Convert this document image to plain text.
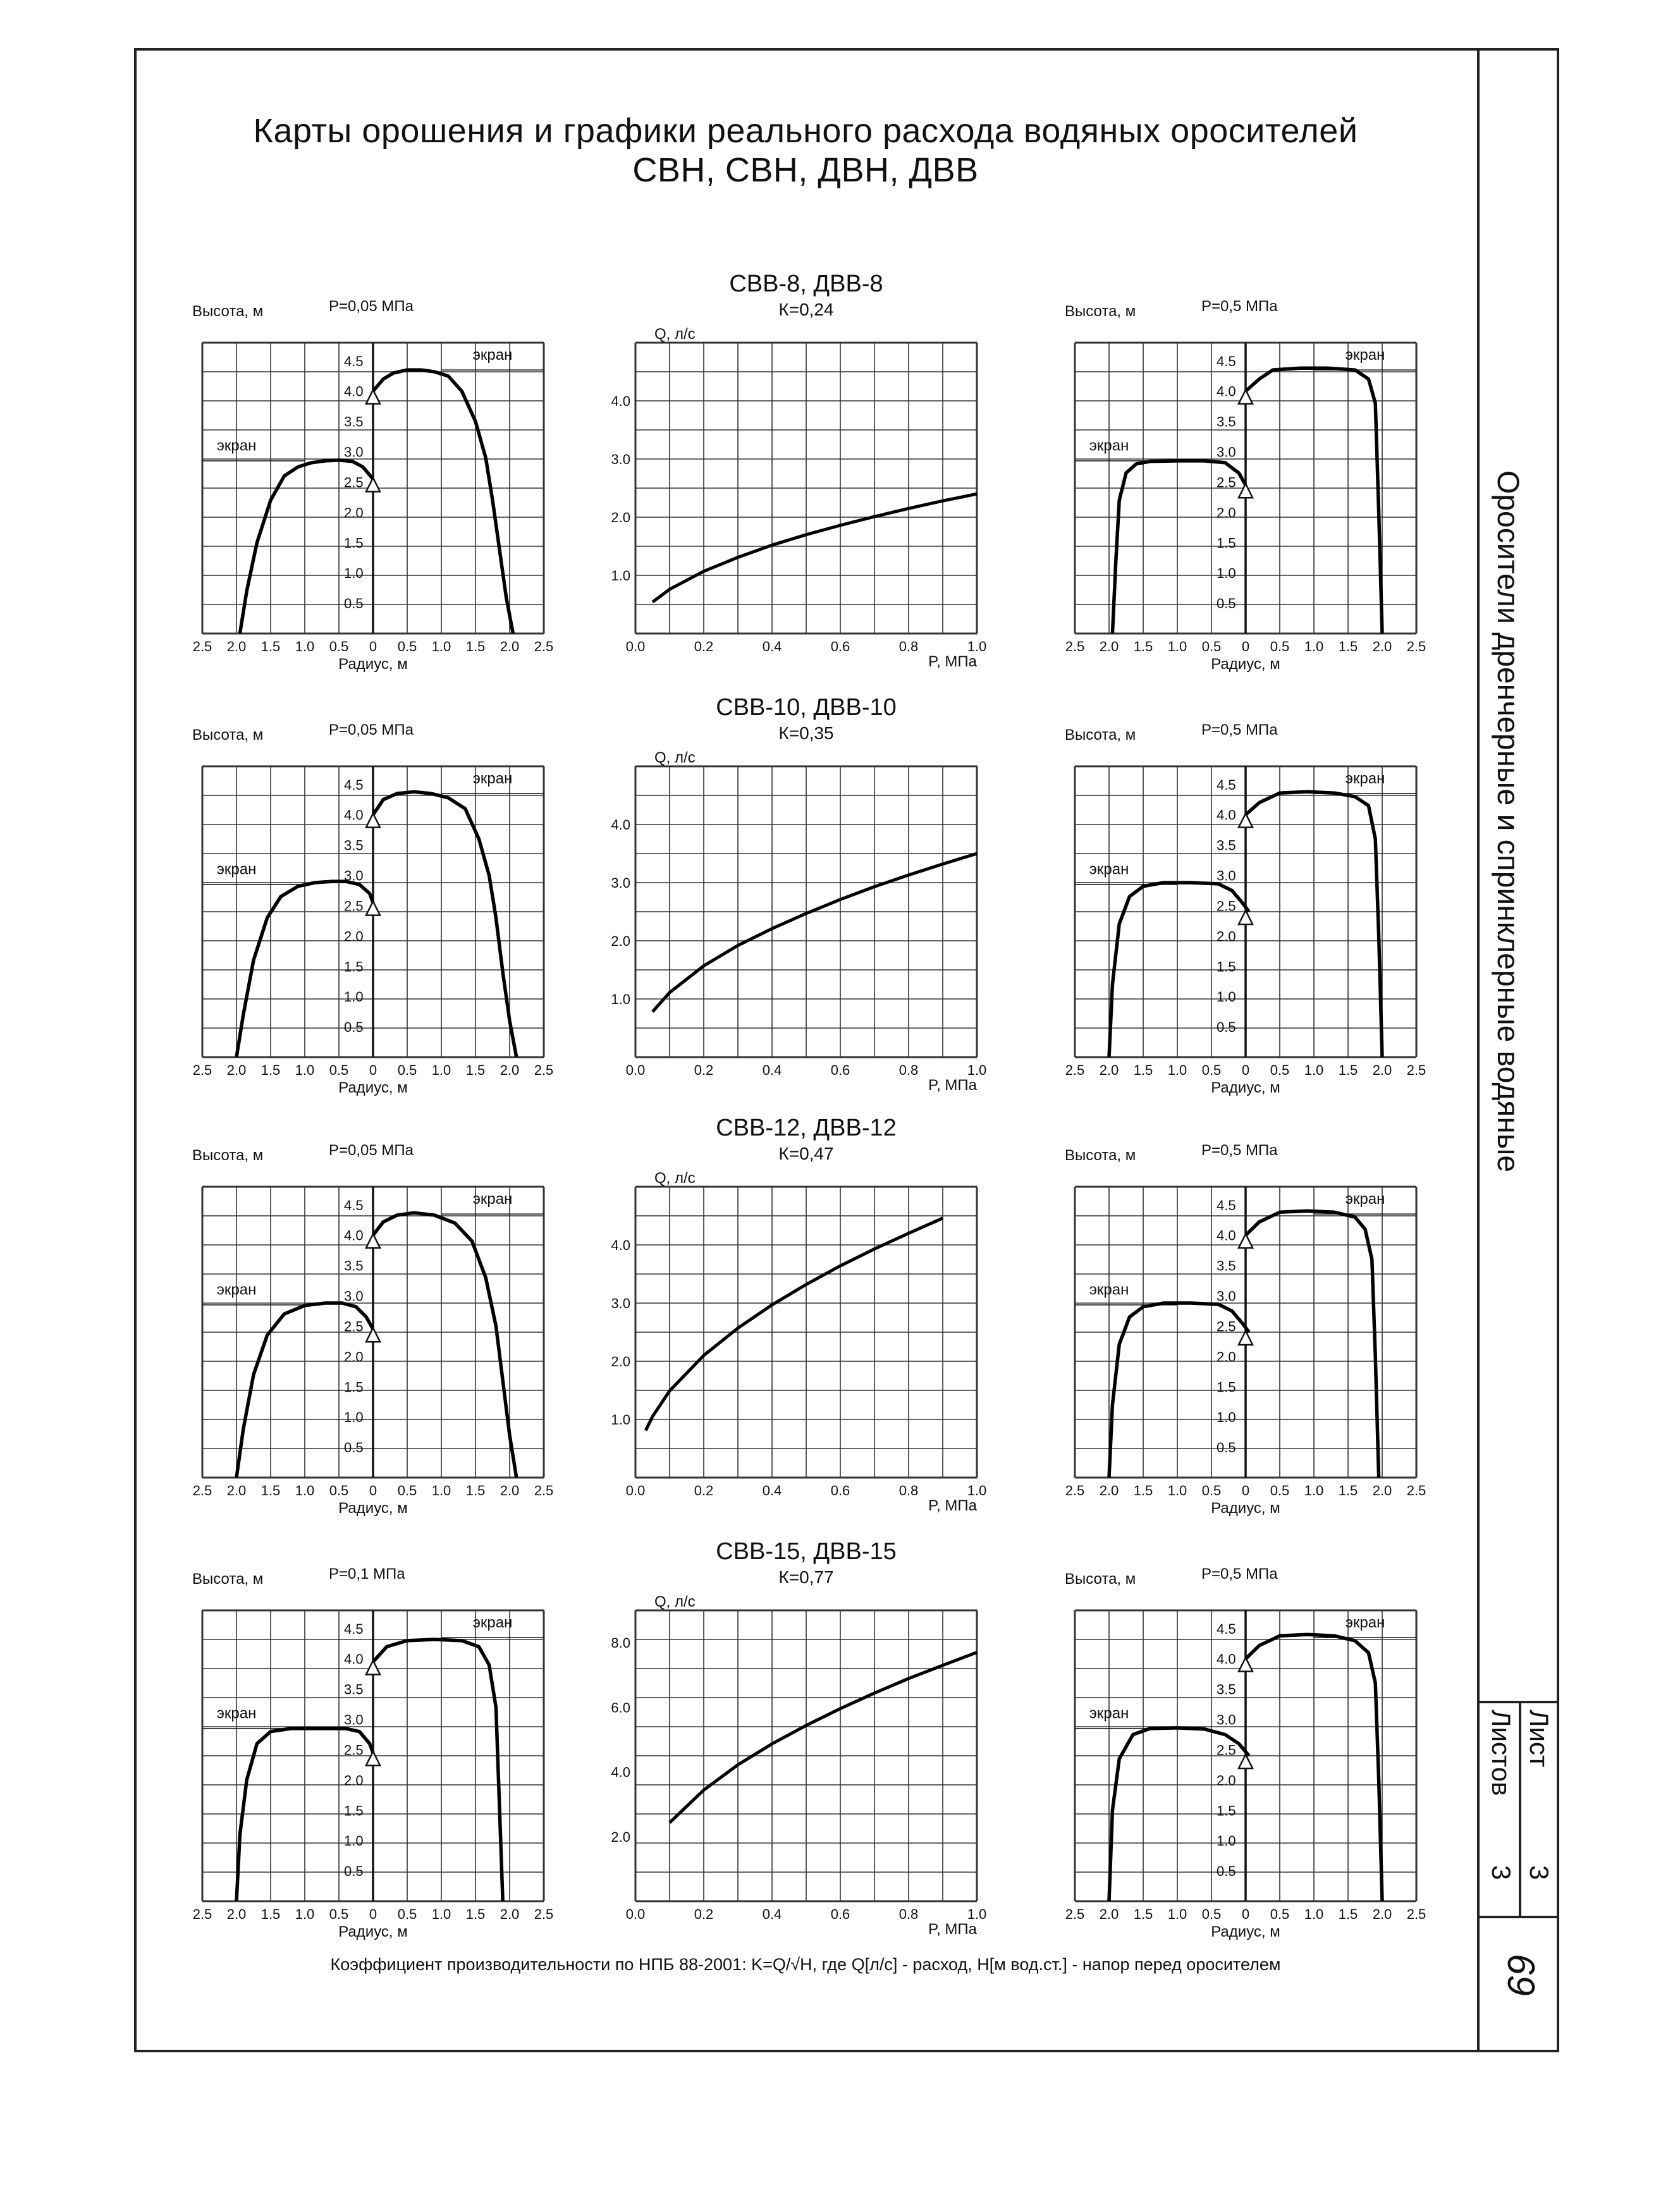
Карты орошения и графики реального расхода водяных оросителей
СВН, СВН, ДВН, ДВВ
Оросители дренчерные и спринклерные водяные
Лист
3
Листов
3
69
Коэффициент производительности по НПБ 88-2001: K=Q/√H, где Q[л/с] - расход, H[м вод.ст.] - напор перед оросителем
СВВ-8, ДВВ-8
К=0,24
Высота, м	P=0,05 МПа
0.5
1.0
1.5
2.0
2.5
3.0
3.5
4.0
4.5
2.5 2.0 1.5 1.0 0.5 0 0.5 1.0 1.5 2.0 2.5
Радиус, м
экран
экран
Q, л/с
1.0
2.0
3.0
4.0
0.0	0.2	0.4	0.6	0.8	1.0
P, МПа
Высота, м	P=0,5 МПа
0.5
1.0
1.5
2.0
2.5
3.0
3.5
4.0
4.5
2.5 2.0 1.5 1.0 0.5 0 0.5 1.0 1.5 2.0 2.5
Радиус, м
экран
экран
СВВ-10, ДВВ-10
К=0,35
Высота, м	P=0,05 МПа
0.5
1.0
1.5
2.0
2.5
3.0
3.5
4.0
4.5
2.5 2.0 1.5 1.0 0.5 0 0.5 1.0 1.5 2.0 2.5
Радиус, м
экран
экран
Q, л/с
1.0
2.0
3.0
4.0
0.0	0.2	0.4	0.6	0.8	1.0
P, МПа
Высота, м	P=0,5 МПа
0.5
1.0
1.5
2.0
2.5
3.0
3.5
4.0
4.5
2.5 2.0 1.5 1.0 0.5 0 0.5 1.0 1.5 2.0 2.5
Радиус, м
экран
экран
СВВ-12, ДВВ-12
К=0,47
Высота, м	P=0,05 МПа
0.5
1.0
1.5
2.0
2.5
3.0
3.5
4.0
4.5
2.5 2.0 1.5 1.0 0.5 0 0.5 1.0 1.5 2.0 2.5
Радиус, м
экран
экран
Q, л/с
1.0
2.0
3.0
4.0
0.0	0.2	0.4	0.6	0.8	1.0
P, МПа
Высота, м	P=0,5 МПа
0.5
1.0
1.5
2.0
2.5
3.0
3.5
4.0
4.5
2.5 2.0 1.5 1.0 0.5 0 0.5 1.0 1.5 2.0 2.5
Радиус, м
экран
экран
СВВ-15, ДВВ-15
К=0,77
Высота, м	P=0,1 МПа
0.5
1.0
1.5
2.0
2.5
3.0
3.5
4.0
4.5
2.5 2.0 1.5 1.0 0.5 0 0.5 1.0 1.5 2.0 2.5
Радиус, м
экран
экран
Q, л/с
2.0
4.0
6.0
8.0
0.0	0.2	0.4	0.6	0.8	1.0
P, МПа
Высота, м	P=0,5 МПа
0.5
1.0
1.5
2.0
2.5
3.0
3.5
4.0
4.5
2.5 2.0 1.5 1.0 0.5 0 0.5 1.0 1.5 2.0 2.5
Радиус, м
экран
экран
